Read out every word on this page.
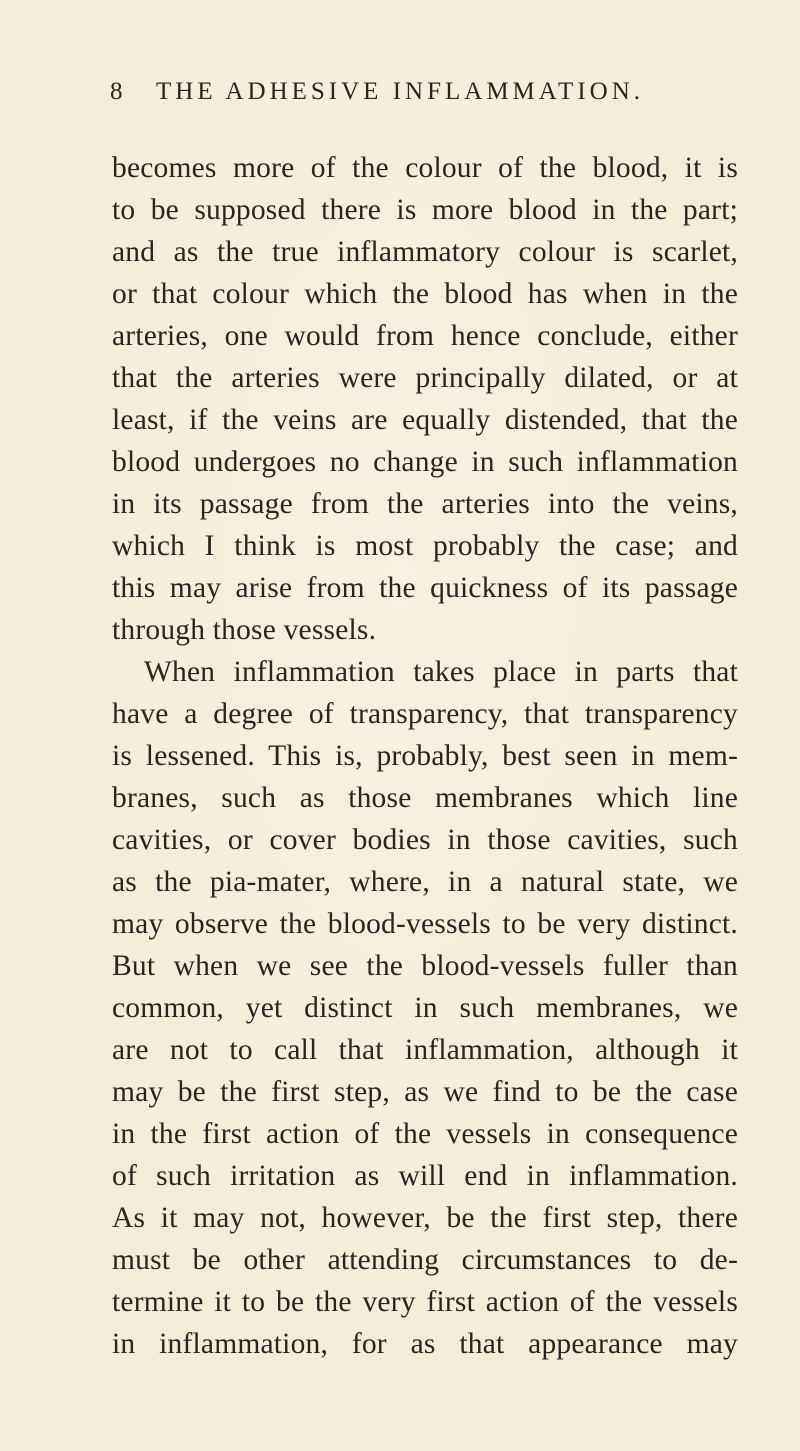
8 THE ADHESIVE INFLAMMATION.
becomes more of the colour of the blood, it is
to be supposed there is more blood in the part;
and as the true inflammatory colour is scarlet,
or that colour which the blood has when in the
arteries, one would from hence conclude, either
that the arteries were principally dilated, or at
least, if the veins are equally distended, that the
blood undergoes no change in such inflammation
in its passage from the arteries into the veins,
which I think is most probably the case; and
this may arise from the quickness of its passage
through those vessels.
When inflammation takes place in parts that
have a degree of transparency, that transparency
is lessened. This is, probably, best seen in mem-
branes, such as those membranes which line
cavities, or cover bodies in those cavities, such
as the pia-mater, where, in a natural state, we
may observe the blood-vessels to be very distinct.
But when we see the blood-vessels fuller than
common, yet distinct in such membranes, we
are not to call that inflammation, although it
may be the first step, as we find to be the case
in the first action of the vessels in consequence
of such irritation as will end in inflammation.
As it may not, however, be the first step, there
must be other attending circumstances to de-
termine it to be the very first action of the vessels
in inflammation, for as that appearance may
